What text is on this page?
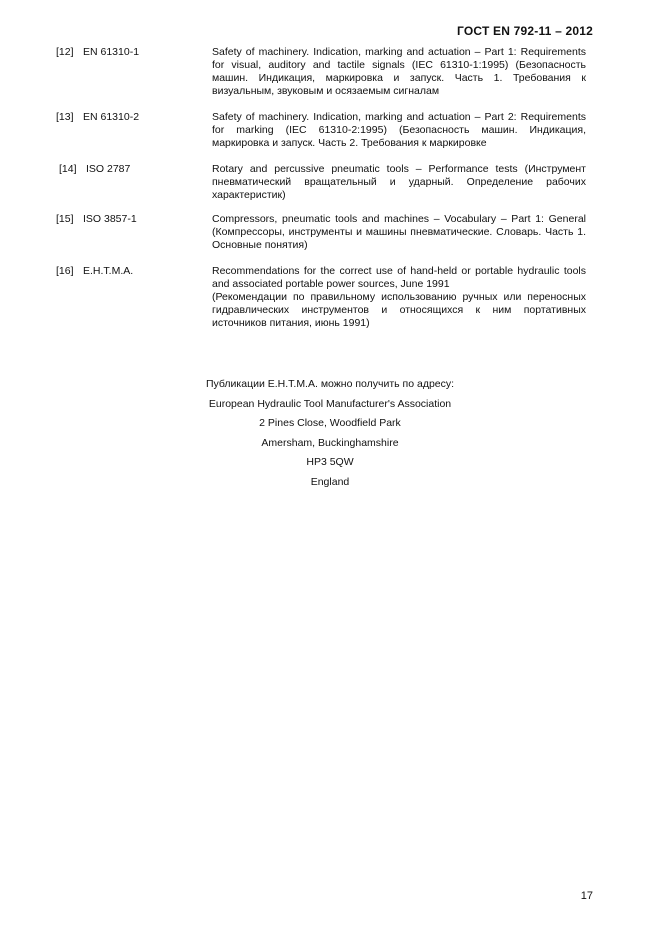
ГОСТ EN 792-11 – 2012
[12] EN 61310-1	Safety of machinery. Indication, marking and actuation – Part 1: Requirements for visual, auditory and tactile signals (IEC 61310-1:1995) (Безопасность машин. Индикация, маркировка и запуск. Часть 1. Требования к визуальным, звуковым и осязаемым сигналам
[13] EN 61310-2	Safety of machinery. Indication, marking and actuation – Part 2: Requirements for marking (IEC 61310-2:1995) (Безопасность машин. Индикация, маркировка и запуск. Часть 2. Требования к маркировке
[14] ISO 2787	Rotary and percussive pneumatic tools – Performance tests (Инструмент пневматический вращательный и ударный. Определение рабочих характеристик)
[15] ISO 3857-1	Compressors, pneumatic tools and machines – Vocabulary – Part 1: General (Компрессоры, инструменты и машины пневматические. Словарь. Часть 1. Основные понятия)
[16] E.H.T.M.A.	Recommendations for the correct use of hand-held or portable hydraulic tools and associated portable power sources, June 1991
(Рекомендации по правильному использованию ручных или переносных гидравлических инструментов и относящихся к ним портативных источников питания, июнь 1991)
Публикации E.H.T.M.A. можно получить по адресу:
European Hydraulic Tool Manufacturer's Association
2 Pines Close, Woodfield Park
Amersham, Buckinghamshire
HP3 5QW
England
17
